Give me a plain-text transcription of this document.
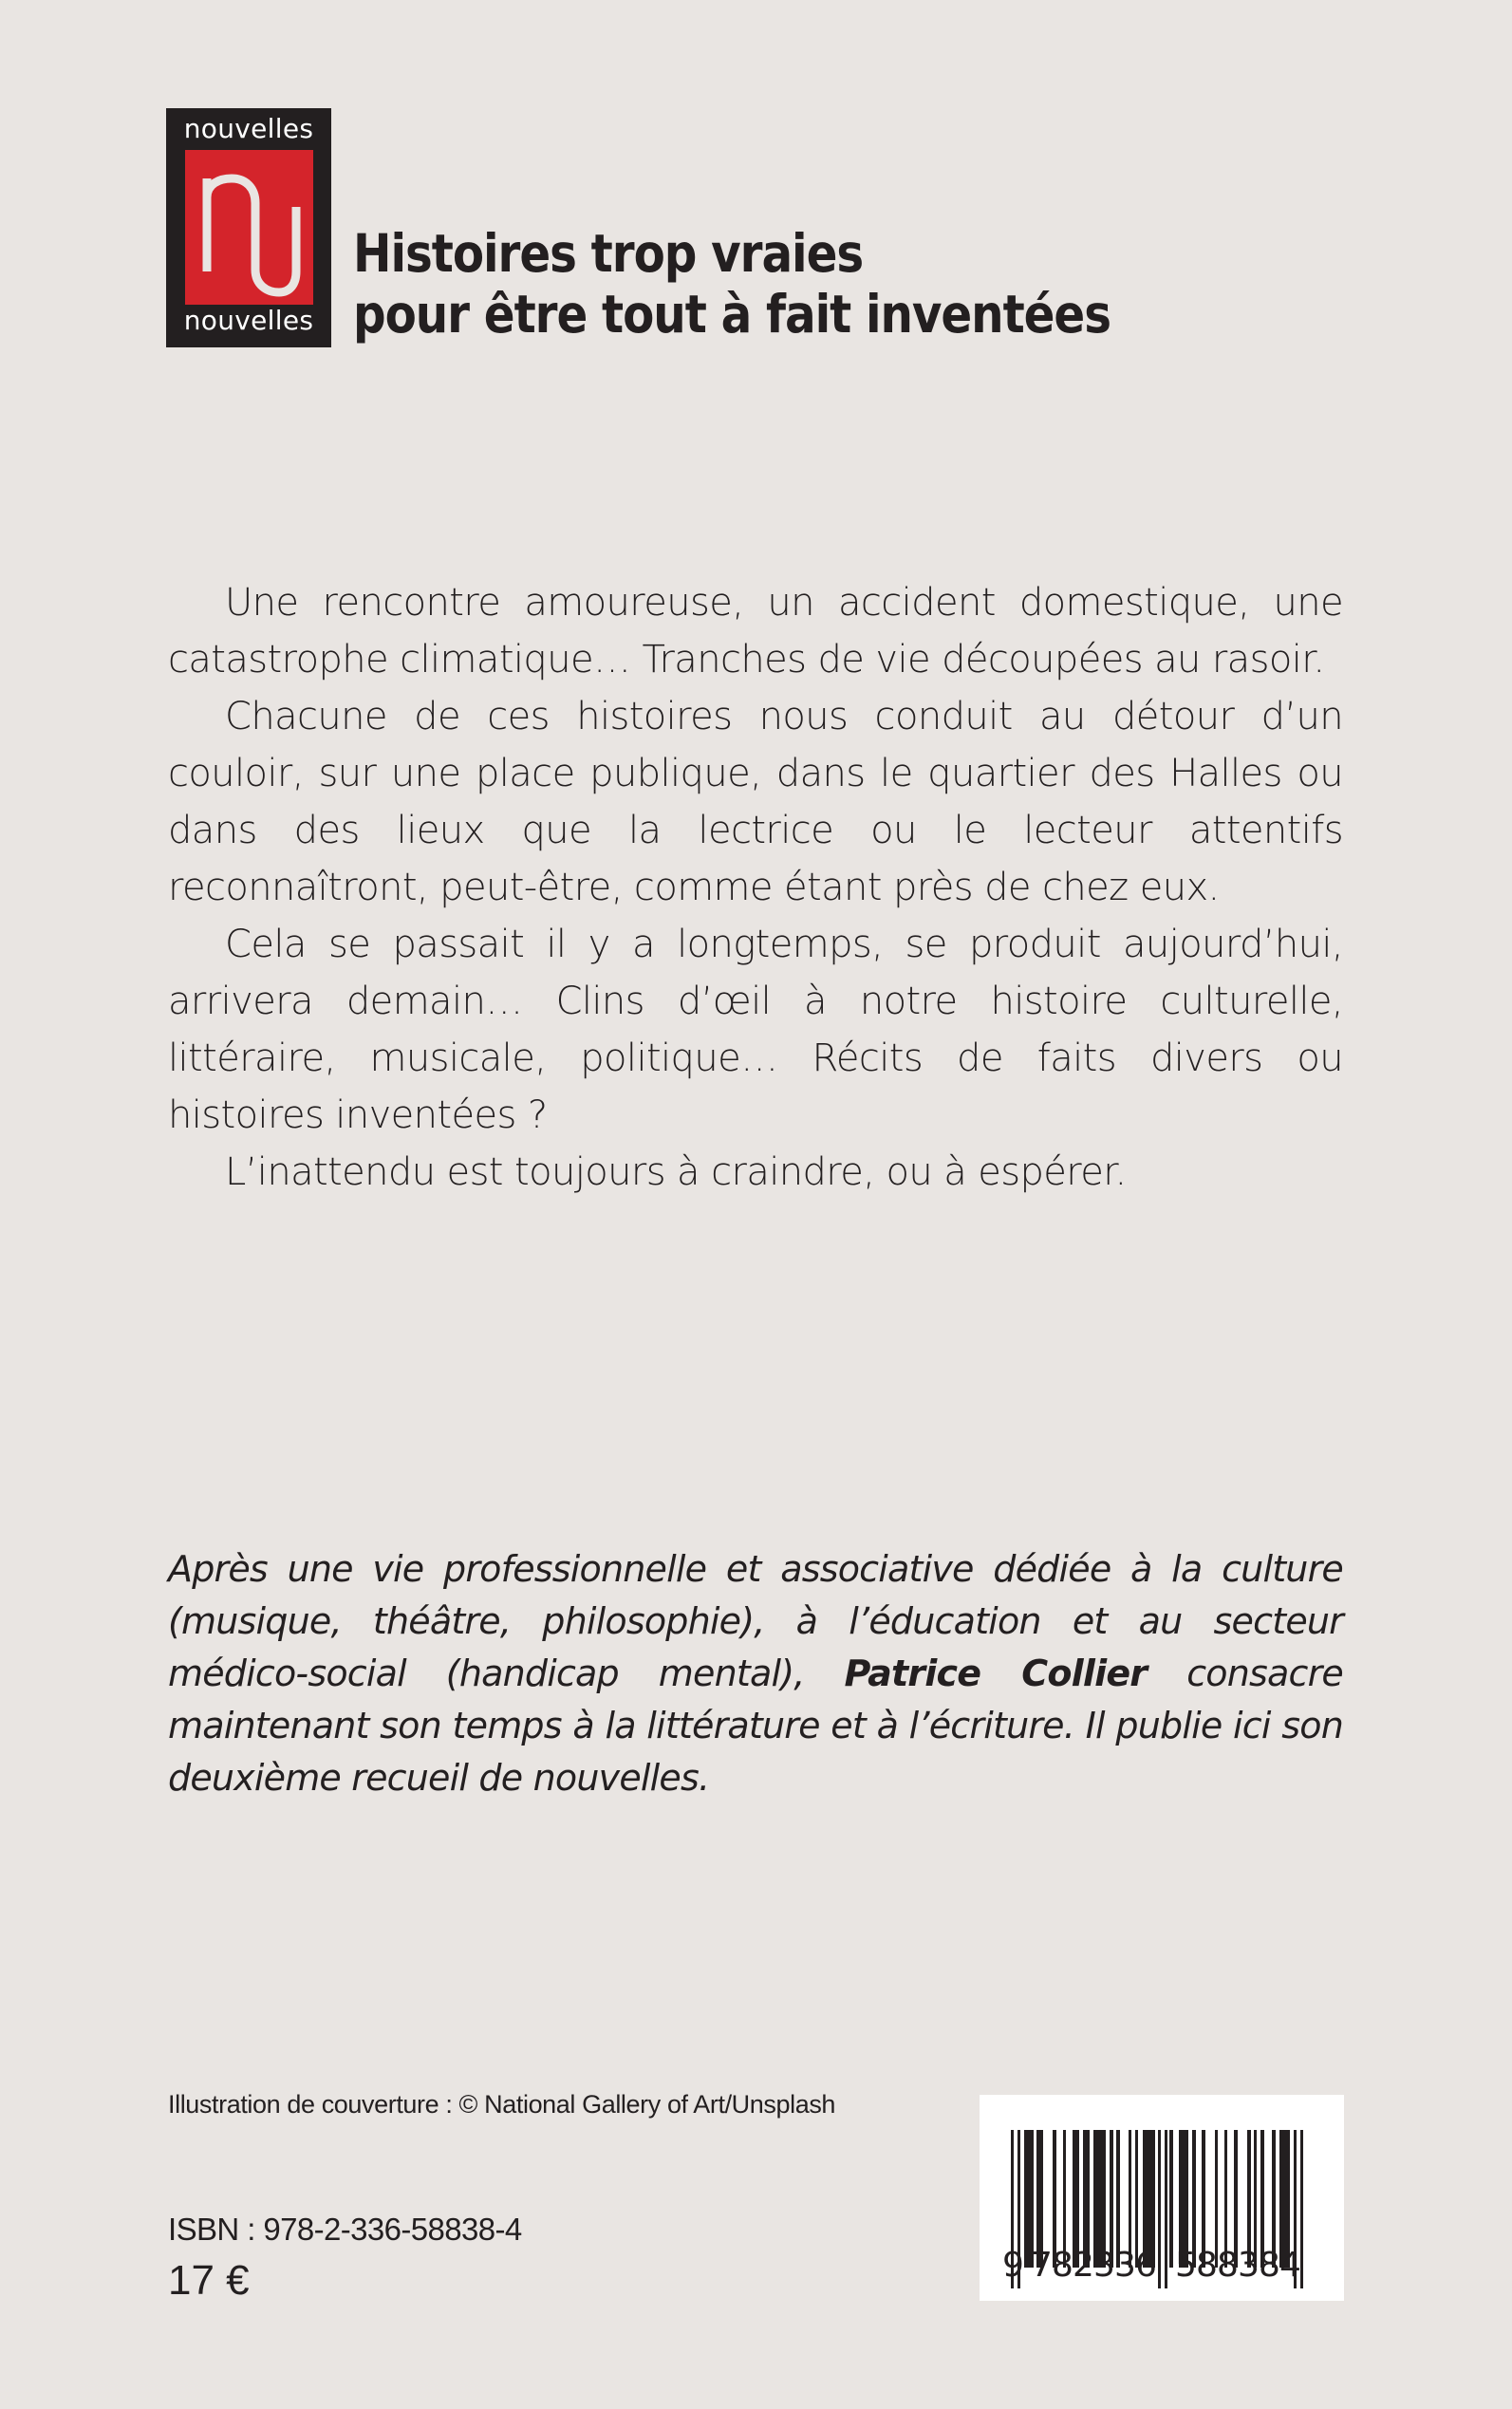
nouvelles
nouvelles
Histoires trop vraies
pour être tout à fait inventées

Une rencontre amoureuse, un accident domestique, une catastrophe climatique… Tranches de vie découpées au rasoir.

Chacune de ces histoires nous conduit au détour d’un couloir, sur une place publique, dans le quartier des Halles ou dans des lieux que la lectrice ou le lecteur attentifs reconnaîtront, peut-être, comme étant près de chez eux.

Cela se passait il y a longtemps, se produit aujourd’hui, arrivera demain… Clins d’œil à notre histoire culturelle, littéraire, musicale, politique… Récits de faits divers ou histoires inventées ?

L’inattendu est toujours à craindre, ou à espérer.

Après une vie professionnelle et associative dédiée à la culture (musique, théâtre, philosophie), à l’éducation et au secteur médico-social (handicap mental), Patrice Collier consacre maintenant son temps à la littérature et à l’écriture. Il publie ici son deuxième recueil de nouvelles.

Illustration de couverture : © National Gallery of Art/Unsplash
ISBN : 978-2-336-58838-4
17 €	9 7 8 2 3 3 6 5 8 8 3 8 4
